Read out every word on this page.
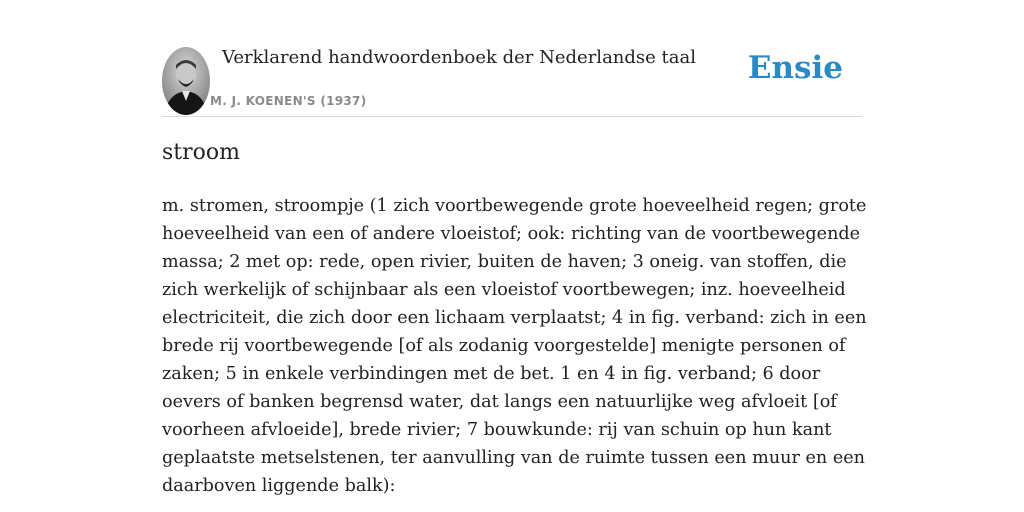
Verklarend handwoordenboek der Nederlandse taal
M. J. KOENEN'S (1937)
Ensie
stroom

m. stromen, stroompje (1 zich voortbewegende grote hoeveelheid regen; grote hoeveelheid van een of andere vloeistof; ook: richting van de voortbewegende massa; 2 met op: rede, open rivier, buiten de haven; 3 oneig. van stoffen, die zich werkelijk of schijnbaar als een vloeistof voortbewegen; inz. hoeveelheid electriciteit, die zich door een lichaam verplaatst; 4 in fig. verband: zich in een brede rij voortbewegende [of als zodanig voorgestelde] menigte personen of zaken; 5 in enkele verbindingen met de bet. 1 en 4 in fig. verband; 6 door oevers of banken begrensd water, dat langs een natuurlijke weg afvloeit [of voorheen afvloeide], brede rivier; 7 bouwkunde: rij van schuin op hun kant geplaatste metselstenen, ter aanvulling van de ruimte tussen een muur en een daarboven liggende balk):
